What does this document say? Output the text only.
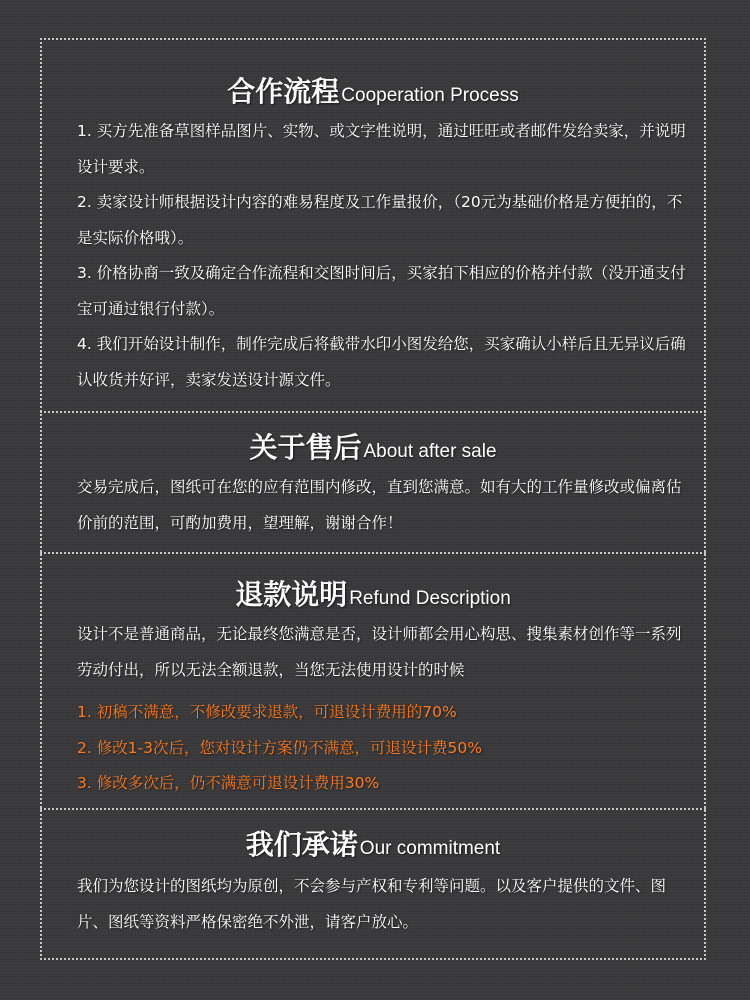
合作流程 Cooperation Process

1. 买方先准备草图样品图片、实物、或文字性说明，通过旺旺或者邮件发给卖家，并说明设计要求。

2. 卖家设计师根据设计内容的难易程度及工作量报价，（20元为基础价格是方便拍的，不是实际价格哦）。

3. 价格协商一致及确定合作流程和交图时间后，买家拍下相应的价格并付款（没开通支付宝可通过银行付款）。

4. 我们开始设计制作，制作完成后将截带水印小图发给您，买家确认小样后且无异议后确认收货并好评，卖家发送设计源文件。

关于售后 About after sale

交易完成后，图纸可在您的应有范围内修改，直到您满意。如有大的工作量修改或偏离估价前的范围，可酌加费用，望理解，谢谢合作！

退款说明 Refund Description

设计不是普通商品，无论最终您满意是否，设计师都会用心构思、搜集素材创作等一系列劳动付出，所以无法全额退款，当您无法使用设计的时候

1. 初稿不满意，不修改要求退款，可退设计费用的70%

2. 修改1-3次后，您对设计方案仍不满意，可退设计费50%

3. 修改多次后，仍不满意可退设计费用30%

我们承诺 Our commitment

我们为您设计的图纸均为原创，不会参与产权和专利等问题。以及客户提供的文件、图片、图纸等资料严格保密绝不外泄，请客户放心。
